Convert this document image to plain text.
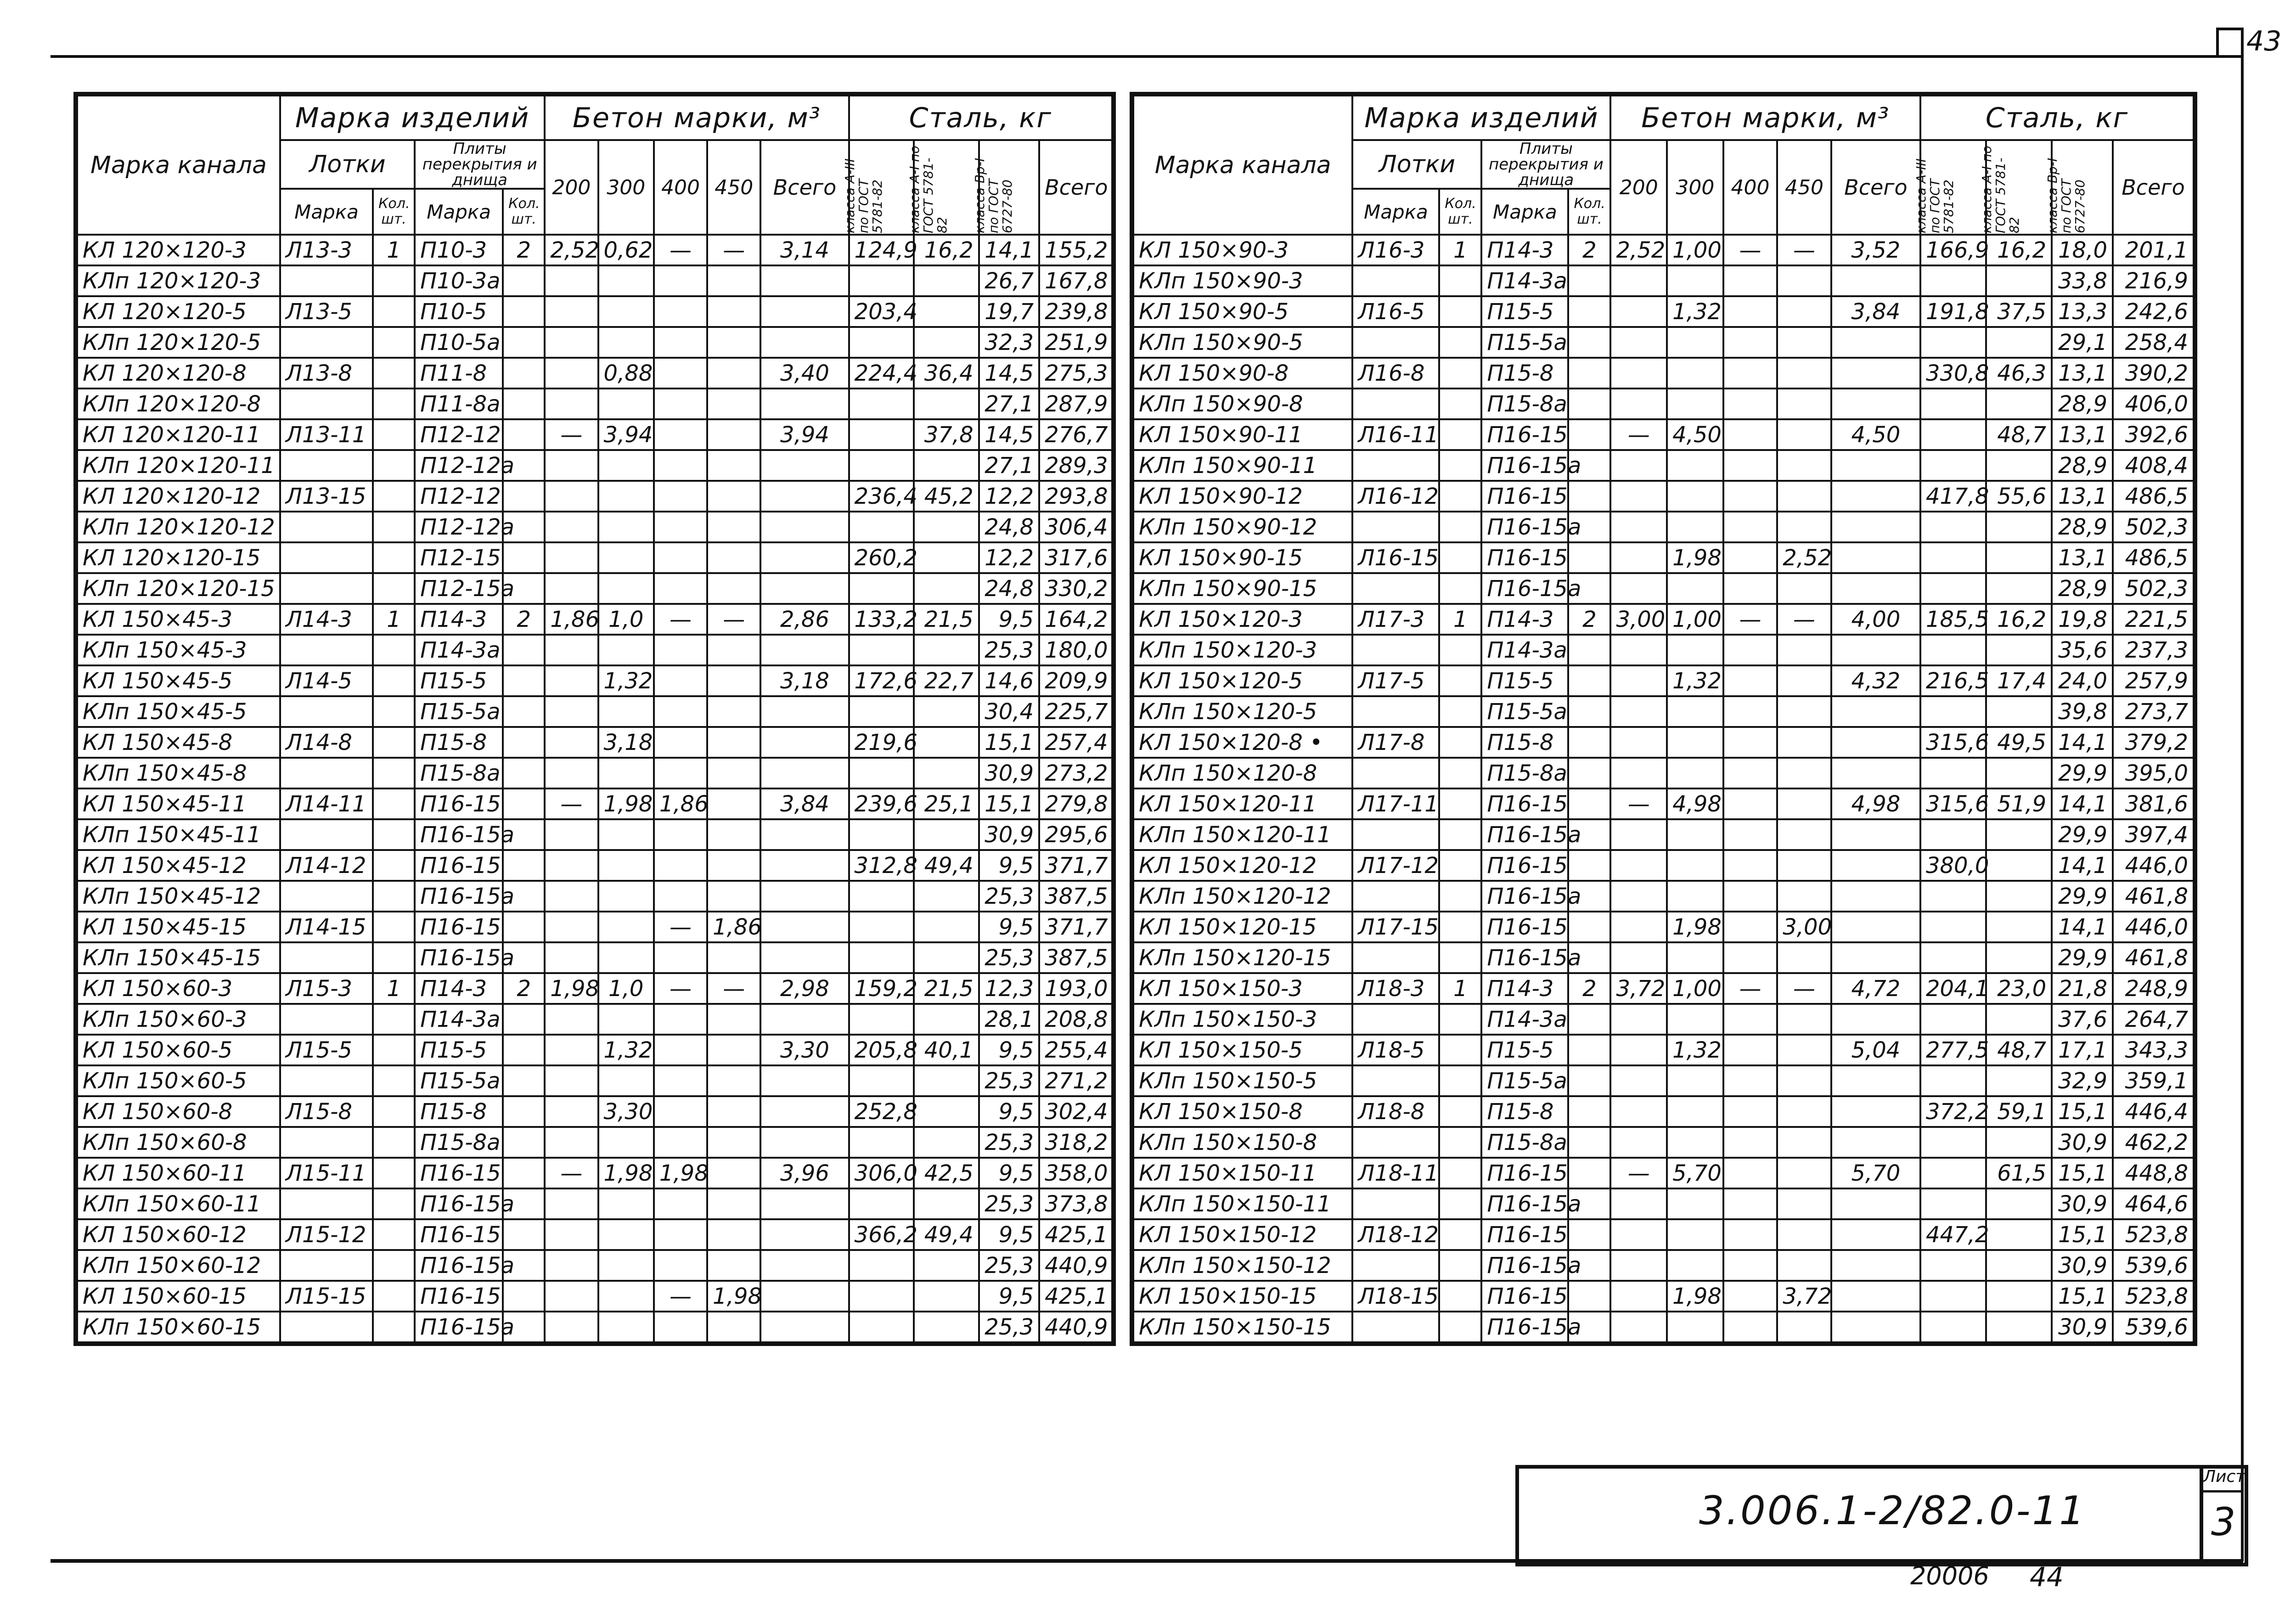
43
Марка канала	Марка изделий				Бетон марки, м³					Сталь, кг			
	Лотки		Плиты перекрытия и днища		200	300	400	450	Всего	класса А-III по ГОСТ 5781-82	класса А-I по ГОСТ 5781-82	класса Вр-I по ГОСТ 6727-80	Всего
	Марка	Кол. шт.	Марка	Кол. шт.									
КЛ 120×120-3	Л13-3	1	П10-3	2	2,52	0,62	—	—	3,14	124,9	16,2	14,1	155,2
КЛп 120×120-3			П10-3а									26,7	167,8
КЛ 120×120-5	Л13-5		П10-5							203,4		19,7	239,8
КЛп 120×120-5			П10-5а									32,3	251,9
КЛ 120×120-8	Л13-8		П11-8			0,88			3,40	224,4	36,4	14,5	275,3
КЛп 120×120-8			П11-8а									27,1	287,9
КЛ 120×120-11	Л13-11		П12-12		—	3,94			3,94		37,8	14,5	276,7
КЛп 120×120-11			П12-12а									27,1	289,3
КЛ 120×120-12	Л13-15		П12-12							236,4	45,2	12,2	293,8
КЛп 120×120-12			П12-12а									24,8	306,4
КЛ 120×120-15			П12-15							260,2		12,2	317,6
КЛп 120×120-15			П12-15а									24,8	330,2
КЛ 150×45-3	Л14-3	1	П14-3	2	1,86	1,0	—	—	2,86	133,2	21,5	9,5	164,2
КЛп 150×45-3			П14-3а									25,3	180,0
КЛ 150×45-5	Л14-5		П15-5			1,32			3,18	172,6	22,7	14,6	209,9
КЛп 150×45-5			П15-5а									30,4	225,7
КЛ 150×45-8	Л14-8		П15-8			3,18				219,6		15,1	257,4
КЛп 150×45-8			П15-8а									30,9	273,2
КЛ 150×45-11	Л14-11		П16-15		—	1,98	1,86		3,84	239,6	25,1	15,1	279,8
КЛп 150×45-11			П16-15а									30,9	295,6
КЛ 150×45-12	Л14-12		П16-15							312,8	49,4	9,5	371,7
КЛп 150×45-12			П16-15а									25,3	387,5
КЛ 150×45-15	Л14-15		П16-15				—	1,86				9,5	371,7
КЛп 150×45-15			П16-15а									25,3	387,5
КЛ 150×60-3	Л15-3	1	П14-3	2	1,98	1,0	—	—	2,98	159,2	21,5	12,3	193,0
КЛп 150×60-3			П14-3а									28,1	208,8
КЛ 150×60-5	Л15-5		П15-5			1,32			3,30	205,8	40,1	9,5	255,4
КЛп 150×60-5			П15-5а									25,3	271,2
КЛ 150×60-8	Л15-8		П15-8			3,30				252,8		9,5	302,4
КЛп 150×60-8			П15-8а									25,3	318,2
КЛ 150×60-11	Л15-11		П16-15		—	1,98	1,98		3,96	306,0	42,5	9,5	358,0
КЛп 150×60-11			П16-15а									25,3	373,8
КЛ 150×60-12	Л15-12		П16-15							366,2	49,4	9,5	425,1
КЛп 150×60-12			П16-15а									25,3	440,9
КЛ 150×60-15	Л15-15		П16-15				—	1,98				9,5	425,1
КЛп 150×60-15			П16-15а									25,3	440,9
Марка канала	Марка изделий				Бетон марки, м³					Сталь, кг			
	Лотки		Плиты перекрытия и днища		200	300	400	450	Всего	класса А-III по ГОСТ 5781-82	класса А-I по ГОСТ 5781-82	класса Вр-I по ГОСТ 6727-80	Всего
	Марка	Кол. шт.	Марка	Кол. шт.									
КЛ 150×90-3	Л16-3	1	П14-3	2	2,52	1,00	—	—	3,52	166,9	16,2	18,0	201,1
КЛп 150×90-3			П14-3а									33,8	216,9
КЛ 150×90-5	Л16-5		П15-5			1,32			3,84	191,8	37,5	13,3	242,6
КЛп 150×90-5			П15-5а									29,1	258,4
КЛ 150×90-8	Л16-8		П15-8							330,8	46,3	13,1	390,2
КЛп 150×90-8			П15-8а									28,9	406,0
КЛ 150×90-11	Л16-11		П16-15		—	4,50			4,50		48,7	13,1	392,6
КЛп 150×90-11			П16-15а									28,9	408,4
КЛ 150×90-12	Л16-12		П16-15							417,8	55,6	13,1	486,5
КЛп 150×90-12			П16-15а									28,9	502,3
КЛ 150×90-15	Л16-15		П16-15			1,98		2,52				13,1	486,5
КЛп 150×90-15			П16-15а									28,9	502,3
КЛ 150×120-3	Л17-3	1	П14-3	2	3,00	1,00	—	—	4,00	185,5	16,2	19,8	221,5
КЛп 150×120-3			П14-3а									35,6	237,3
КЛ 150×120-5	Л17-5		П15-5			1,32			4,32	216,5	17,4	24,0	257,9
КЛп 150×120-5			П15-5а									39,8	273,7
КЛ 150×120-8 •	Л17-8		П15-8							315,6	49,5	14,1	379,2
КЛп 150×120-8			П15-8а									29,9	395,0
КЛ 150×120-11	Л17-11		П16-15		—	4,98			4,98	315,6	51,9	14,1	381,6
КЛп 150×120-11			П16-15а									29,9	397,4
КЛ 150×120-12	Л17-12		П16-15							380,0		14,1	446,0
КЛп 150×120-12			П16-15а									29,9	461,8
КЛ 150×120-15	Л17-15		П16-15			1,98		3,00				14,1	446,0
КЛп 150×120-15			П16-15а									29,9	461,8
КЛ 150×150-3	Л18-3	1	П14-3	2	3,72	1,00	—	—	4,72	204,1	23,0	21,8	248,9
КЛп 150×150-3			П14-3а									37,6	264,7
КЛ 150×150-5	Л18-5		П15-5			1,32			5,04	277,5	48,7	17,1	343,3
КЛп 150×150-5			П15-5а									32,9	359,1
КЛ 150×150-8	Л18-8		П15-8							372,2	59,1	15,1	446,4
КЛп 150×150-8			П15-8а									30,9	462,2
КЛ 150×150-11	Л18-11		П16-15		—	5,70			5,70		61,5	15,1	448,8
КЛп 150×150-11			П16-15а									30,9	464,6
КЛ 150×150-12	Л18-12		П16-15							447,2		15,1	523,8
КЛп 150×150-12			П16-15а									30,9	539,6
КЛ 150×150-15	Л18-15		П16-15			1,98		3,72				15,1	523,8
КЛп 150×150-15			П16-15а									30,9	539,6
3.006.1-2/82.0-11
Лист
3
20006 44
